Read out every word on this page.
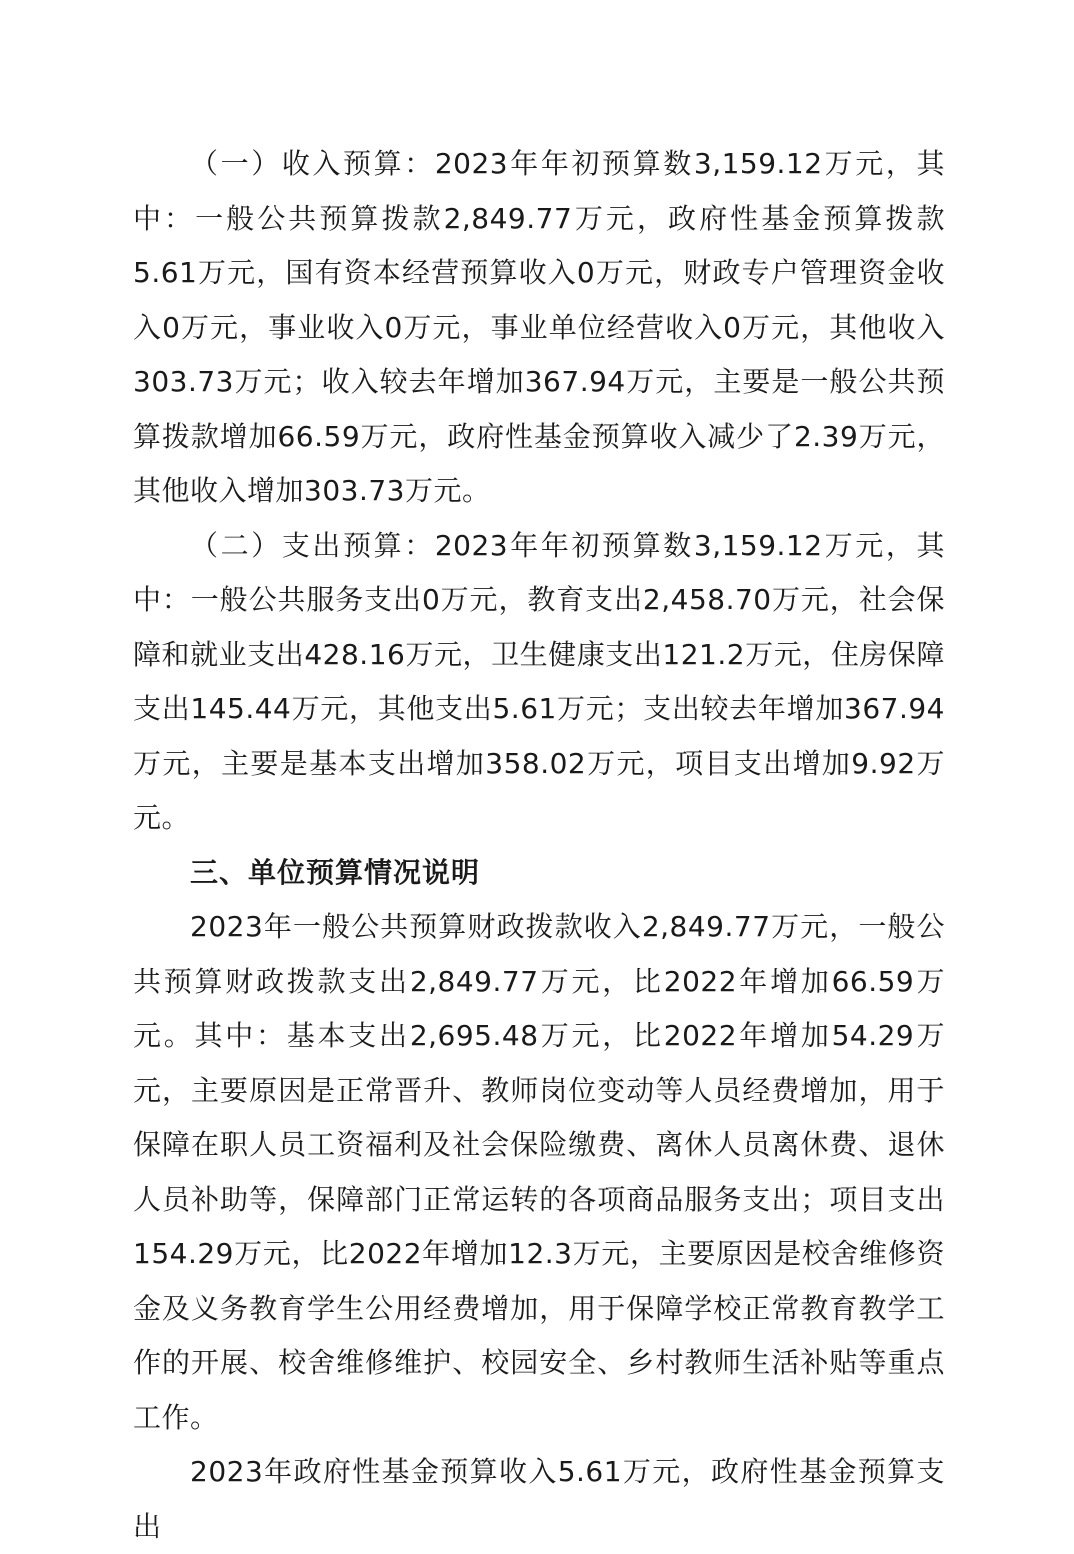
（一）收入预算：2023年年初预算数3,159.12万元，其中：一般公共预算拨款2,849.77万元，政府性基金预算拨款5.61万元，国有资本经营预算收入0万元，财政专户管理资金收入0万元，事业收入0万元，事业单位经营收入0万元，其他收入303.73万元；收入较去年增加367.94万元，主要是一般公共预算拨款增加66.59万元，政府性基金预算收入减少了2.39万元，其他收入增加303.73万元。

（二）支出预算：2023年年初预算数3,159.12万元，其中：一般公共服务支出0万元，教育支出2,458.70万元，社会保障和就业支出428.16万元，卫生健康支出121.2万元，住房保障支出145.44万元，其他支出5.61万元；支出较去年增加367.94万元，主要是基本支出增加358.02万元，项目支出增加9.92万元。

三、单位预算情况说明

2023年一般公共预算财政拨款收入2,849.77万元，一般公共预算财政拨款支出2,849.77万元，比2022年增加66.59万元。其中：基本支出2,695.48万元，比2022年增加54.29万元，主要原因是正常晋升、教师岗位变动等人员经费增加，用于保障在职人员工资福利及社会保险缴费、离休人员离休费、退休人员补助等，保障部门正常运转的各项商品服务支出；项目支出154.29万元，比2022年增加12.3万元，主要原因是校舍维修资金及义务教育学生公用经费增加，用于保障学校正常教育教学工作的开展、校舍维修维护、校园安全、乡村教师生活补贴等重点工作。

2023年政府性基金预算收入5.61万元，政府性基金预算支出
